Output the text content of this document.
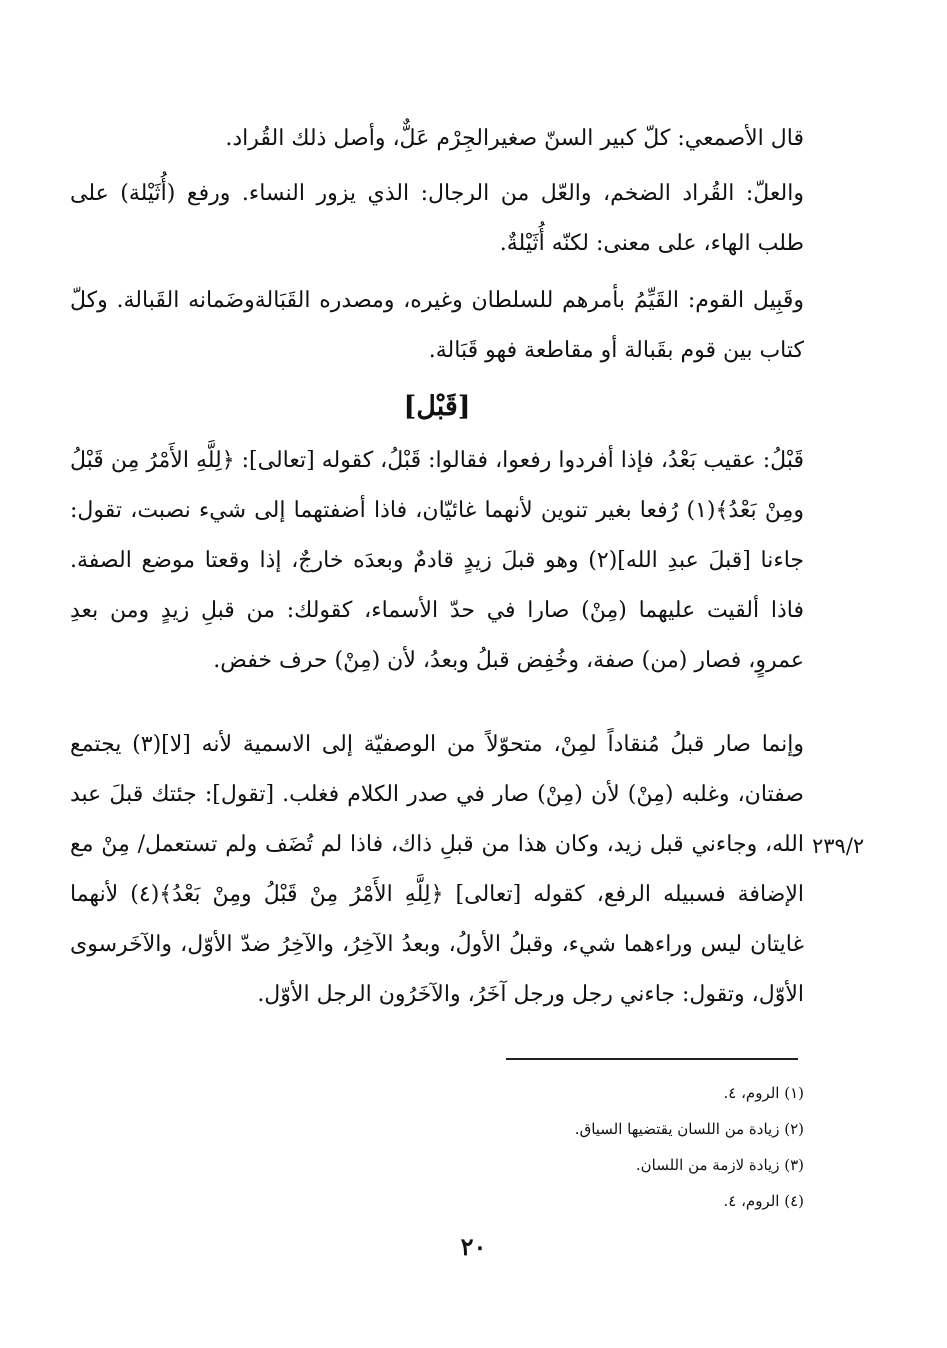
قال الأصمعي: كلّ كبير السنّ صغيرالجِرْم عَلٌّ، وأصل ذلك القُراد.

والعلّ: القُراد الضخم، والعّل من الرجال: الذي يزور النساء. ورفع (أُثَيْلة) على طلب الهاء، على معنى: لكنّه أُثَيْلةٌ.

وقَبِيل القوم: القَيِّمُ بأمرهم للسلطان وغيره، ومصدره القَبَالةوضَمانه القَبالة. وكلّ كتاب بين قوم بقَبالة أو مقاطعة فهو قَبَالة.

[قَبْل]

قَبْلُ: عقيب بَعْدُ، فإذا أفردوا رفعوا، فقالوا: قَبْلُ، كقوله [تعالى]: ﴿لِلَّهِ الأَمْرُ مِن قَبْلُ ومِنْ بَعْدُ﴾(١) رُفعا بغير تنوين لأنهما غائيّان، فاذا أضفتهما إلى شيء نصبت، تقول: جاءنا [قبلَ عبدِ الله](٢) وهو قبلَ زيدٍ قادمٌ وبعدَه خارجٌ، إذا وقعتا موضع الصفة. فاذا ألقيت عليهما (مِنْ) صارا في حدّ الأسماء، كقولك: من قبلِ زيدٍ ومن بعدِ عمروٍ، فصار (من) صفة، وخُفِض قبلُ وبعدُ، لأن (مِنْ) حرف خفض.

وإنما صار قبلُ مُنقاداً لمِنْ، متحوّلاً من الوصفيّة إلى الاسمية لأنه [لا](٣) يجتمع صفتان، وغلبه (مِنْ) لأن (مِنْ) صار في صدر الكلام فغلب. [تقول]: جئتك قبلَ عبد الله، وجاءني قبل زيد، وكان هذا من قبلِ ذاك، فاذا لم تُضَف ولم تستعمل/ مِنْ مع الإضافة فسبيله الرفع، كقوله [تعالى] ﴿لِلَّهِ الأَمْرُ مِنْ قَبْلُ ومِنْ بَعْدُ﴾(٤) لأنهما غايتان ليس وراءهما شيء، وقبلُ الأولُ، وبعدُ الآخِرُ، والآخِرُ ضدّ الأوّل، والآخَرسوى الأوّل، وتقول: جاءني رجل ورجل آخَرُ، والآخَرُون الرجل الأوّل.

٢٣٩/٢
(١) الروم، ٤.
(٢) زيادة من اللسان يقتضيها السياق.
(٣) زيادة لازمة من اللسان.
(٤) الروم، ٤.
٢٠
